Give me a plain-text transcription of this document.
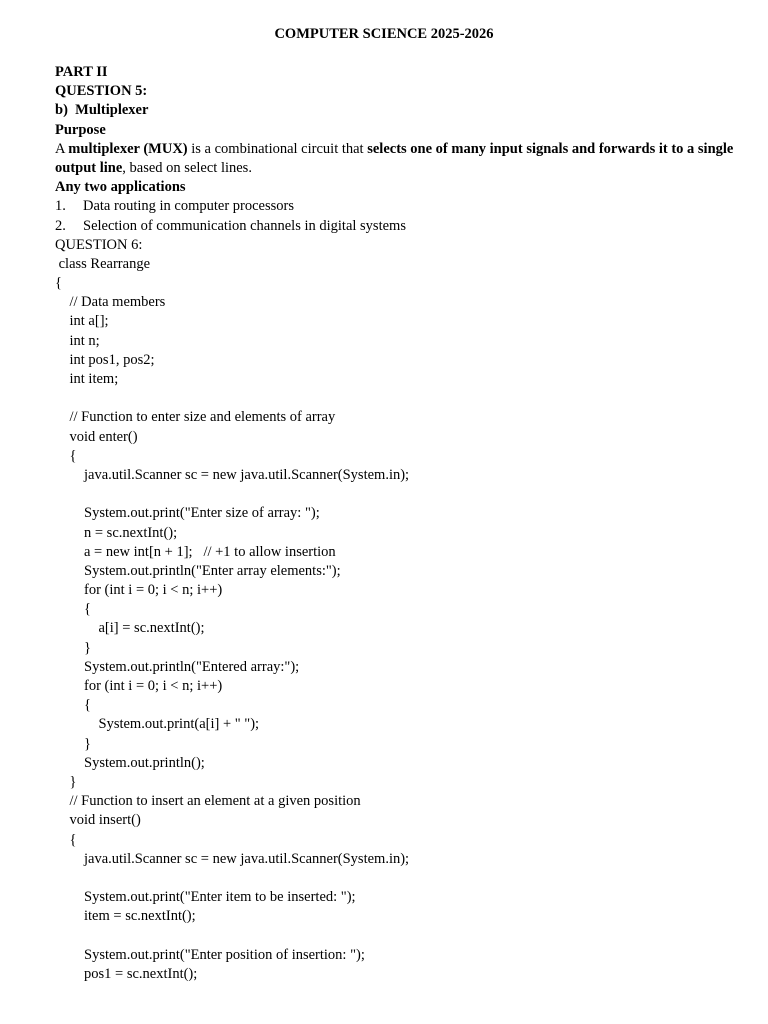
COMPUTER SCIENCE 2025-2026

PART II

QUESTION 5:

b)  Multiplexer

Purpose

A multiplexer (MUX) is a combinational circuit that selects one of many input signals and forwards it to a single output line, based on select lines.

Any two applications

1. Data routing in computer processors

2. Selection of communication channels in digital systems

QUESTION 6:

class Rearrange

{

// Data members

int a[];

int n;

int pos1, pos2;

int item;

// Function to enter size and elements of array

void enter()

{

java.util.Scanner sc = new java.util.Scanner(System.in);

System.out.print("Enter size of array: ");

n = sc.nextInt();

a = new int[n + 1];   // +1 to allow insertion

System.out.println("Enter array elements:");

for (int i = 0; i < n; i++)

{

a[i] = sc.nextInt();

}

System.out.println("Entered array:");

for (int i = 0; i < n; i++)

{

System.out.print(a[i] + " ");

}

System.out.println();

}

// Function to insert an element at a given position

void insert()

{

java.util.Scanner sc = new java.util.Scanner(System.in);

System.out.print("Enter item to be inserted: ");

item = sc.nextInt();

System.out.print("Enter position of insertion: ");

pos1 = sc.nextInt();
